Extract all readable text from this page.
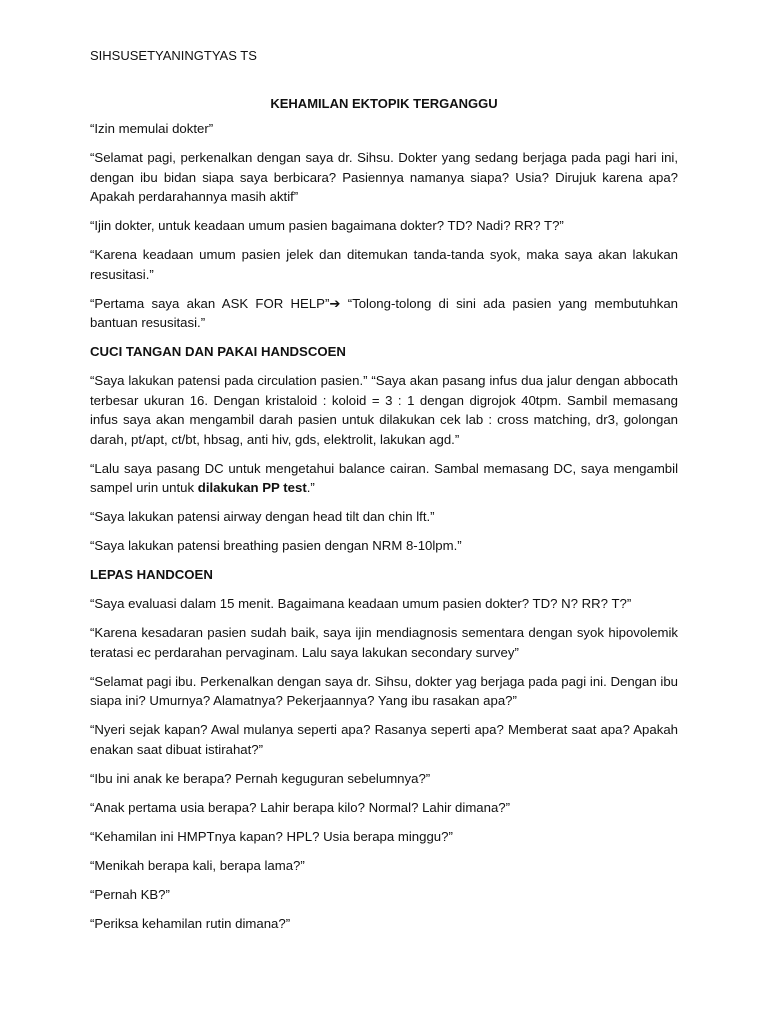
SIHSUSETYANINGTYAS TS
KEHAMILAN EKTOPIK TERGANGGU

“Izin memulai dokter”

“Selamat pagi, perkenalkan dengan saya dr. Sihsu. Dokter yang sedang berjaga pada pagi hari ini, dengan ibu bidan siapa saya berbicara? Pasiennya namanya siapa? Usia? Dirujuk karena apa? Apakah perdarahannya masih aktif”

“Ijin dokter, untuk keadaan umum pasien bagaimana dokter? TD? Nadi? RR? T?”

“Karena keadaan umum pasien jelek dan ditemukan tanda-tanda syok, maka saya akan lakukan resusitasi.”

“Pertama saya akan ASK FOR HELP”➔ “Tolong-tolong di sini ada pasien yang membutuhkan bantuan resusitasi.”

CUCI TANGAN DAN PAKAI HANDSCOEN

“Saya lakukan patensi pada circulation pasien.” “Saya akan pasang infus dua jalur dengan abbocath terbesar ukuran 16. Dengan kristaloid : koloid = 3 : 1 dengan digrojok 40tpm. Sambil memasang infus saya akan mengambil darah pasien untuk dilakukan cek lab : cross matching, dr3, golongan darah, pt/apt, ct/bt, hbsag, anti hiv, gds, elektrolit, lakukan agd.”

“Lalu saya pasang DC untuk mengetahui balance cairan. Sambal memasang DC, saya mengambil sampel urin untuk dilakukan PP test.”

“Saya lakukan patensi airway dengan head tilt dan chin lft.”

“Saya lakukan patensi breathing pasien dengan NRM 8-10lpm.”

LEPAS HANDCOEN

“Saya evaluasi dalam 15 menit. Bagaimana keadaan umum pasien dokter? TD? N? RR? T?”

“Karena kesadaran pasien sudah baik, saya ijin mendiagnosis sementara dengan syok hipovolemik teratasi ec perdarahan pervaginam. Lalu saya lakukan secondary survey”

“Selamat pagi ibu. Perkenalkan dengan saya dr. Sihsu, dokter yag berjaga pada pagi ini. Dengan ibu siapa ini? Umurnya? Alamatnya? Pekerjaannya? Yang ibu rasakan apa?”

“Nyeri sejak kapan? Awal mulanya seperti apa? Rasanya seperti apa? Memberat saat apa? Apakah enakan saat dibuat istirahat?”

“Ibu ini anak ke berapa? Pernah keguguran sebelumnya?”

“Anak pertama usia berapa? Lahir berapa kilo? Normal? Lahir dimana?”

“Kehamilan ini HMPTnya kapan? HPL? Usia berapa minggu?”

“Menikah berapa kali, berapa lama?”

“Pernah KB?”

“Periksa kehamilan rutin dimana?”
